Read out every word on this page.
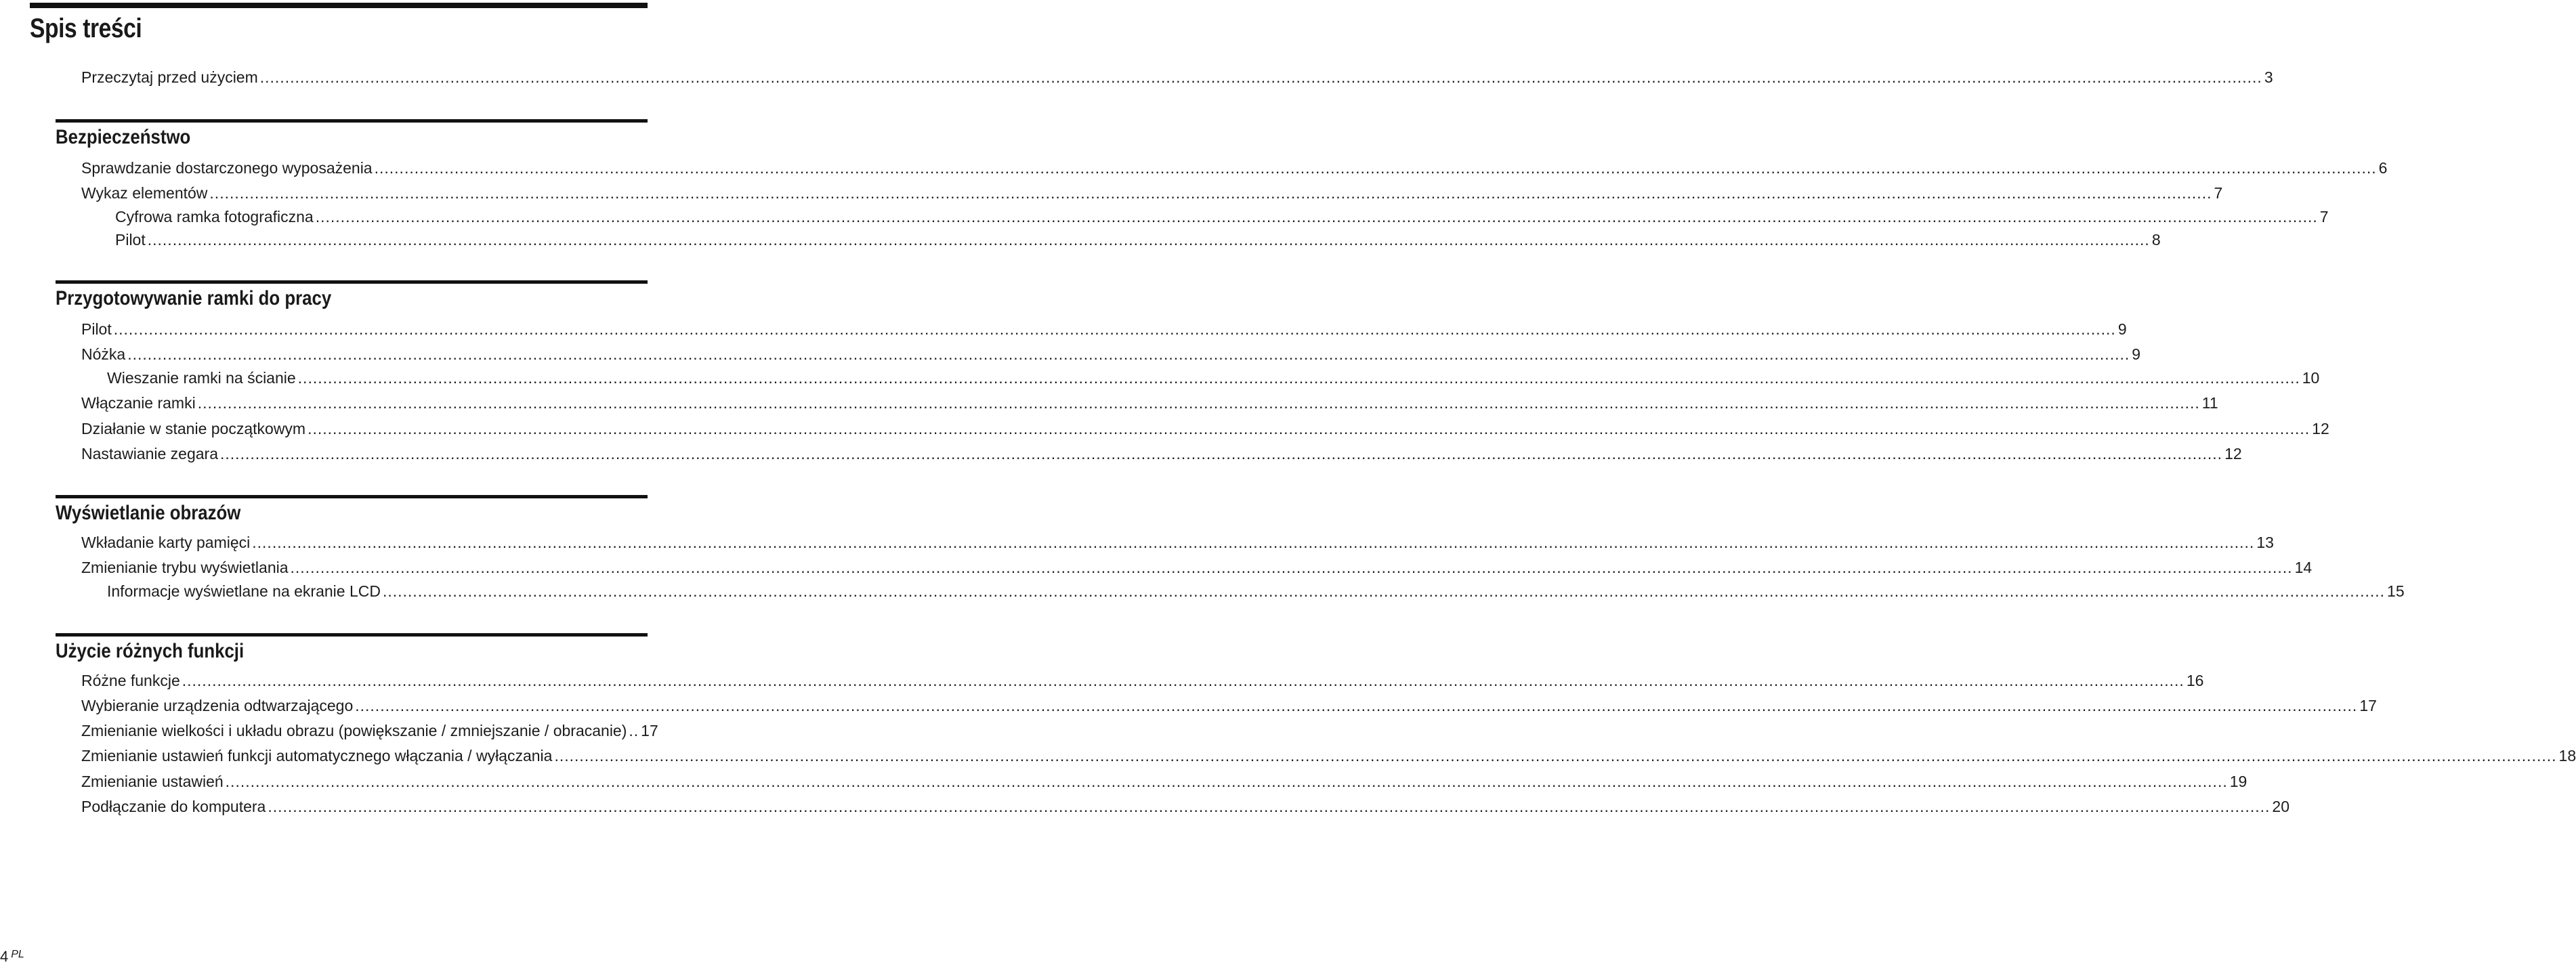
Spis treści
Przeczytaj przed użyciem ................................................................................................................................................................................................................................................................................................................................................................................................................ 3
Bezpieczeństwo
Sprawdzanie dostarczonego wyposażenia ................................................................................................................................................................................................................................................................................................................................................................................................................ 6
Wykaz elementów ................................................................................................................................................................................................................................................................................................................................................................................................................ 7
Cyfrowa ramka fotograficzna ................................................................................................................................................................................................................................................................................................................................................................................................................ 7
Pilot ................................................................................................................................................................................................................................................................................................................................................................................................................ 8
Przygotowywanie ramki do pracy
Pilot ................................................................................................................................................................................................................................................................................................................................................................................................................ 9
Nóżka ................................................................................................................................................................................................................................................................................................................................................................................................................ 9
Wieszanie ramki na ścianie ................................................................................................................................................................................................................................................................................................................................................................................................................ 10
Włączanie ramki ................................................................................................................................................................................................................................................................................................................................................................................................................ 11
Działanie w stanie początkowym ................................................................................................................................................................................................................................................................................................................................................................................................................ 12
Nastawianie zegara ................................................................................................................................................................................................................................................................................................................................................................................................................ 12
Wyświetlanie obrazów
Wkładanie karty pamięci ................................................................................................................................................................................................................................................................................................................................................................................................................ 13
Zmienianie trybu wyświetlania ................................................................................................................................................................................................................................................................................................................................................................................................................ 14
Informacje wyświetlane na ekranie LCD ................................................................................................................................................................................................................................................................................................................................................................................................................ 15
Użycie różnych funkcji
Różne funkcje ................................................................................................................................................................................................................................................................................................................................................................................................................ 16
Wybieranie urządzenia odtwarzającego ................................................................................................................................................................................................................................................................................................................................................................................................................ 17
Zmienianie wielkości i układu obrazu (powiększanie / zmniejszanie / obracanie) .. 17
Zmienianie ustawień funkcji automatycznego włączania / wyłączania ................................................................................................................................................................................................................................................................................................................................................................................................................ 18
Zmienianie ustawień ................................................................................................................................................................................................................................................................................................................................................................................................................ 19
Podłączanie do komputera ................................................................................................................................................................................................................................................................................................................................................................................................................ 20
4 $^{PL}$
